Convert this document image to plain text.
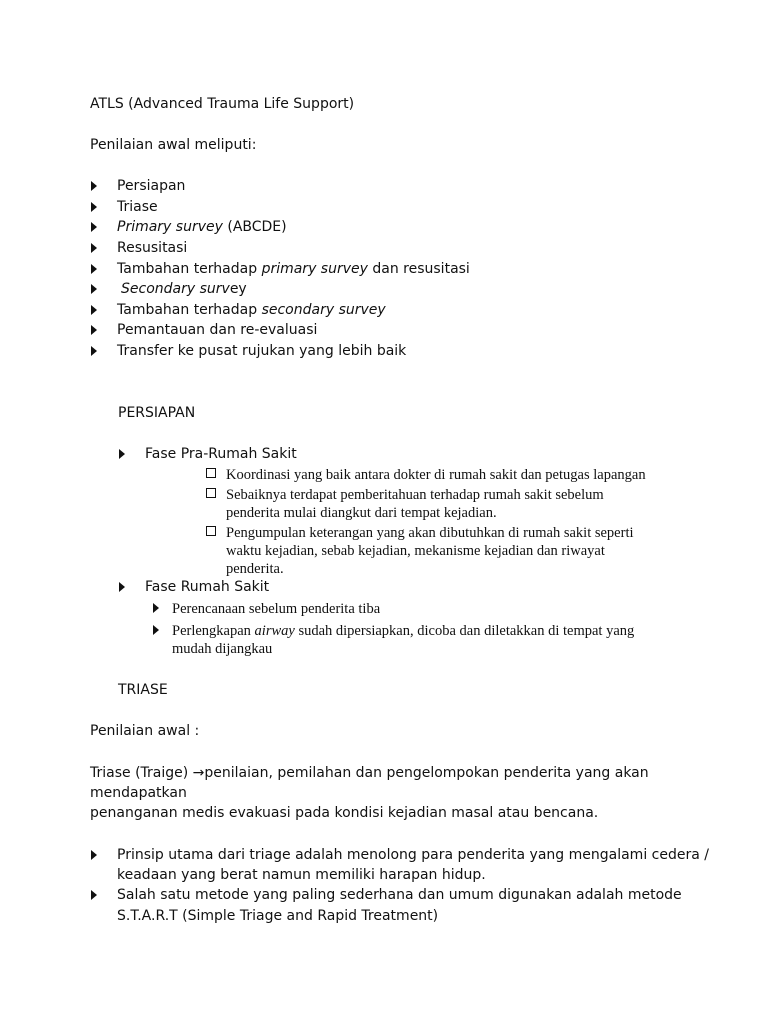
ATLS (Advanced Trauma Life Support)
Penilaian awal meliputi:
Persiapan
Triase
Primary survey (ABCDE)
Resusitasi
Tambahan terhadap primary survey dan resusitasi
Secondary survey
Tambahan terhadap secondary survey
Pemantauan dan re-evaluasi
Transfer ke pusat rujukan yang lebih baik
PERSIAPAN
Fase Pra-Rumah Sakit
Koordinasi yang baik antara dokter di rumah sakit dan petugas lapangan
Sebaiknya terdapat pemberitahuan terhadap rumah sakit sebelum
penderita mulai diangkut dari tempat kejadian.
Pengumpulan keterangan yang akan dibutuhkan di rumah sakit seperti
waktu kejadian, sebab kejadian, mekanisme kejadian dan riwayat
penderita.
Fase Rumah Sakit
Perencanaan sebelum penderita tiba
Perlengkapan airway sudah dipersiapkan, dicoba dan diletakkan di tempat yang
mudah dijangkau
TRIASE
Penilaian awal :
Triase (Traige) →penilaian, pemilahan dan pengelompokan penderita yang akan
mendapatkan
penanganan medis evakuasi pada kondisi kejadian masal atau bencana.
Prinsip utama dari triage adalah menolong para penderita yang mengalami cedera /
keadaan yang berat namun memiliki harapan hidup.
Salah satu metode yang paling sederhana dan umum digunakan adalah metode
S.T.A.R.T (Simple Triage and Rapid Treatment)
